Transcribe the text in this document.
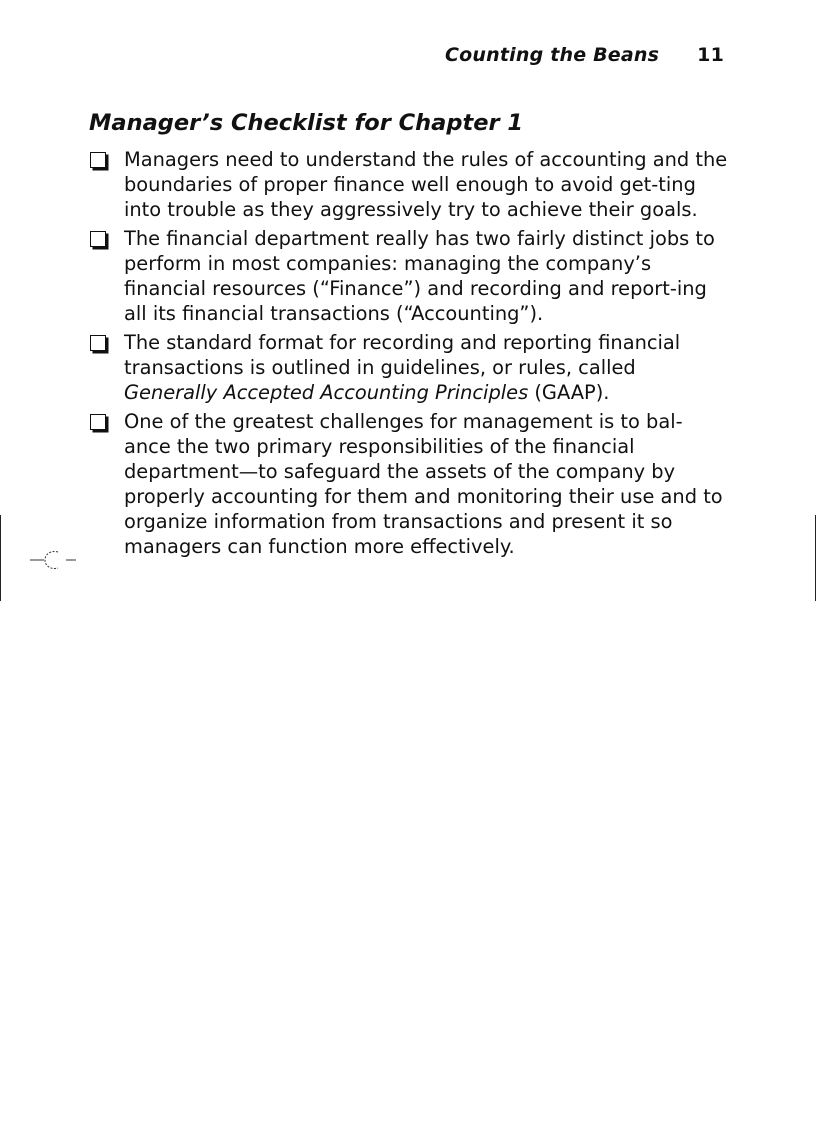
Counting the Beans 11
Manager’s Checklist for Chapter 1
Managers need to understand the rules of accounting and the boundaries of proper finance well enough to avoid get-ting into trouble as they aggressively try to achieve their goals.
The financial department really has two fairly distinct jobs to perform in most companies: managing the company’s financial resources (“Finance”) and recording and report-ing all its financial transactions (“Accounting”).
The standard format for recording and reporting financial transactions is outlined in guidelines, or rules, called Generally Accepted Accounting Principles (GAAP).
One of the greatest challenges for management is to bal-ance the two primary responsibilities of the financial department—to safeguard the assets of the company by properly accounting for them and monitoring their use and to organize information from transactions and present it so managers can function more effectively.
